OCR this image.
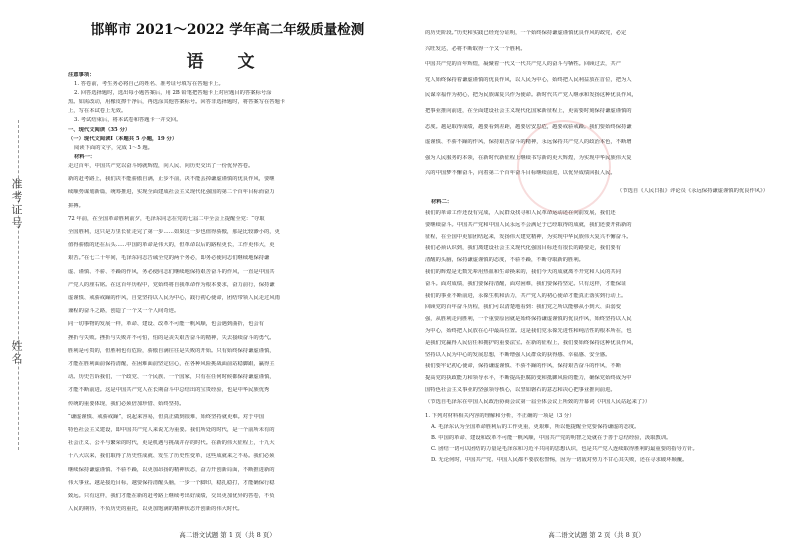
准考证号
姓名
邯郸市 2021～2022 学年高二年级质量检测
语 文
注意事项：
1. 答卷前，考生务必将自己的姓名、准考证号填写在答题卡上。
2. 回答选择题时，选出每小题答案后，用 2B 铅笔把答题卡上对应题目的答案标号涂
黑。如需改动，用橡皮擦干净后，再选涂其他答案标号。回答非选择题时，将答案写在答题卡
上，写在本试卷上无效。
3. 考试结束后，将本试卷和答题卡一并交回。
一、现代文阅读（35 分）
（一）现代文阅读Ⅰ（本题共 5 小题，19 分）
阅读下面的文字，完成 1～5 题。
材料一：
走过百年，中国共产党以奋斗铸就辉煌，向人民、向历史交出了一份优异答卷。
新的赶考路上，我们决不能骄傲自满，止步不前，决不能丢掉谦虚谨慎的优良作风，要继
续顺势谋划新篇，统筹推进，实现全面建成社会主义现代化强国的第二个百年目标而奋力
拼搏。
72 年前，在全国革命胜利前夕，毛泽东同志在党的七届二中全会上提醒全党：“夺取
全国胜利，这只是万里长征走完了第一步……如果这一步也值得骄傲，那是比较渺小的，更
值得骄傲的还在后头……中国的革命是伟大的，但革命以后的路程更长，工作更伟大，更
艰苦。”在七二十年间，毛泽东同志告诫全党的两个务必，即务必使同志们继续地保持谦
虚、谨慎、不骄、不躁的作风，务必使同志们继续地保持艰苦奋斗的作风，一直是中国共
产党人的座右铭。在这百年历程中，党始终将自我革命作为根本要求，奋力前行，保持谦
虚谨慎、戒骄戒躁的作风，自觉坚持以人民为中心，践行初心使命，团结带领人民走过风雨
兼程的奋斗之路，创造了一个又一个人间奇迹。
同一切事物的发展一样，革命、建设、改革不可能一帆风顺，也会遇到曲折，也会有
挫折与失败。挫折与失败并不可怕，怕的是丧失艰苦奋斗的精神，失去接续奋斗的勇气。
胜利是可贵的，但胜利也有危险，骄傲自满往往是失败的开始。只有始终保持谦虚谨慎，
才能在胜利面前保持清醒，在困难面前坚定信心，在各种风险挑战面前站稳脚跟，赢得主
动。历史告诉我们，一个政党、一个民族、一个国家，只有在任何时候都保持谦虚谨慎，
才能不断前进。这是中国共产党人在长期奋斗中总结出的宝贵经验，也是中华民族优秀
传统的重要体现，我们必须倍加珍惜、始终坚持。
“谦虚谨慎、戒骄戒躁”，说起来容易，但真正做到很难，始终坚持就更难。对于中国
特色社会主义建设，即中国共产党人来说尤为重要。我们所处的时代，是一个前所未有的
社会正义、公平与繁荣的时代，更是机遇与挑战并存的时代。在新的伟大征程上，十九大
十八大以来，我们取得了历史性成就、发生了历史性变革，这些成就来之不易。我们必须
继续保持谦虚谨慎、不骄不躁，以更加昂扬的精神状态，奋力开创新局面，不断推进新的
伟大事业。越是接近目标，越要保持清醒头脑，一步一个脚印，稳扎稳打，才能确保行稳
致远。只有这样，我们才能在新的赶考路上继续考出好成绩，交出更加优异的答卷，不负
人民的期待，不负历史的重托，以更加饱满的精神状态开创新的伟大时代。
高二语文试题 第 1 页（共 8 页）
的历史阶段。”历史和实践已经充分证明，一个始终保持谦虚谨慎优良作风的政党，必定
兴旺发达，必将不断取得一个又一个胜利。
中国共产党的百年辉煌，凝聚着一代又一代共产党人的奋斗与牺牲。回顾过去，共产
党人始终保持着谦虚谨慎的优良作风，以人民为中心，始终把人民利益放在首位，把为人
民谋幸福作为初心，把为民族谋复兴作为使命。新时代共产党人继承和发扬这种优良作风，
把事业推向前进，在全面建设社会主义现代化国家新征程上，更需要时刻保持谦虚谨慎的
态度。越是取得成绩，越要看到差距，越要居安思危，越要戒骄戒躁。我们要始终保持谦
虚谨慎、不骄不躁的作风，保持艰苦奋斗的精神，永远保持共产党人的政治本色，不断增
强为人民服务的本领，在新时代新征程上继续书写新的更大辉煌，为实现中华民族伟大复
兴的中国梦不懈奋斗，向着第二个百年奋斗目标继续前进，以优异成绩回报人民。
（节选自《人民日报》评论员《永远保持谦虚谨慎的优良作风》）
材料二：
我们的革命工作还没有完成，人民群众找寻和人民革命运动还在向前发展，我们还
要继续奋斗。中国共产党和中国人民永远不会满足于已经取得的成就，我们还要开拓新的
征程，在全国中更加团结起来，发扬伟大建党精神，为实现中华民族伟大复兴不懈奋斗。
我们必须认识到，我们离建设社会主义现代化强国目标还有很长的路要走，我们要有
清醒的头脑，保持谦虚谨慎的态度，不骄不躁，不断夺取新的胜利。
我们的辉煌是无数先辈用热血和生命换来的，我们今天的成就离不开党和人民的共同
奋斗。面对成绩，我们要保持清醒，面对困难，我们要保持坚定。只有这样，才能保证
我们的事业不断前进，永葆生机和活力，共产党人的初心使命才能真正落实到行动上。
回顾党的百年奋斗历程，我们可以清楚地看到：我们党之所以能够从小到大、由弱变
强，从胜利走向胜利，一个重要原因就是始终保持谦虚谨慎的优良作风，始终坚持以人民
为中心，始终把人民放在心中最高位置。这是我们党永葆先进性和纯洁性的根本所在，也
是我们党赢得人民信任和拥护的重要法宝。在新的征程上，我们要始终保持这种优良作风，
坚持以人民为中心的发展思想，不断增强人民群众的获得感、幸福感、安全感。
我们要牢记初心使命，保持谦虚谨慎、不骄不躁的作风，保持艰苦奋斗的作风，不断
提高党的执政能力和领导水平，不断提高拒腐防变和抵御风险的能力，确保党始终成为中
国特色社会主义事业的坚强领导核心，以坚如磐石的意志和决心把事业推向前进。
（节选自毛泽东在中国人民政治协商会议第一届全体会议上所致的开幕词《中国人民站起来了》）
1. 下列对材料相关内容的理解和分析，不正确的一项是（3 分）
A. 毛泽东认为全国革命胜利后的工作更重，更艰难，所以他提醒全党要保持谦虚的态度。
B. 中国的革命、建设和改革不可能一帆风顺，中国共产党的明智之处就在于善于总结经验，汲取教训。
C. 团结一切可以团结的力量是毛泽东和习近平共同的思想认识，也是共产党人连续取得胜利的最重要的指导方针。
D. 无论何时，中国共产党、中国人民都不要放松警惕，因为一切敌对势力不甘心其失败，还在寻求破坏颠覆。
高二语文试题 第 2 页（共 8 页）
